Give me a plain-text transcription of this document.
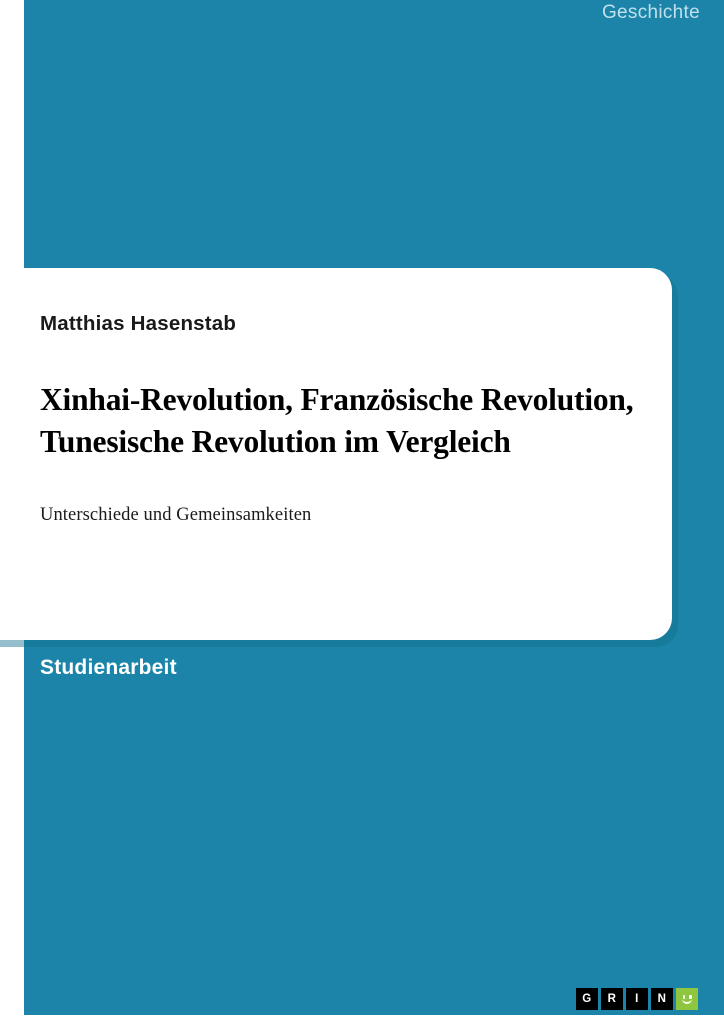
Geschichte

Matthias Hasenstab

Xinhai-Revolution, Französische Revolution, Tunesische Revolution im Vergleich

Unterschiede und Gemeinsamkeiten

Studienarbeit
G	R	I	N
